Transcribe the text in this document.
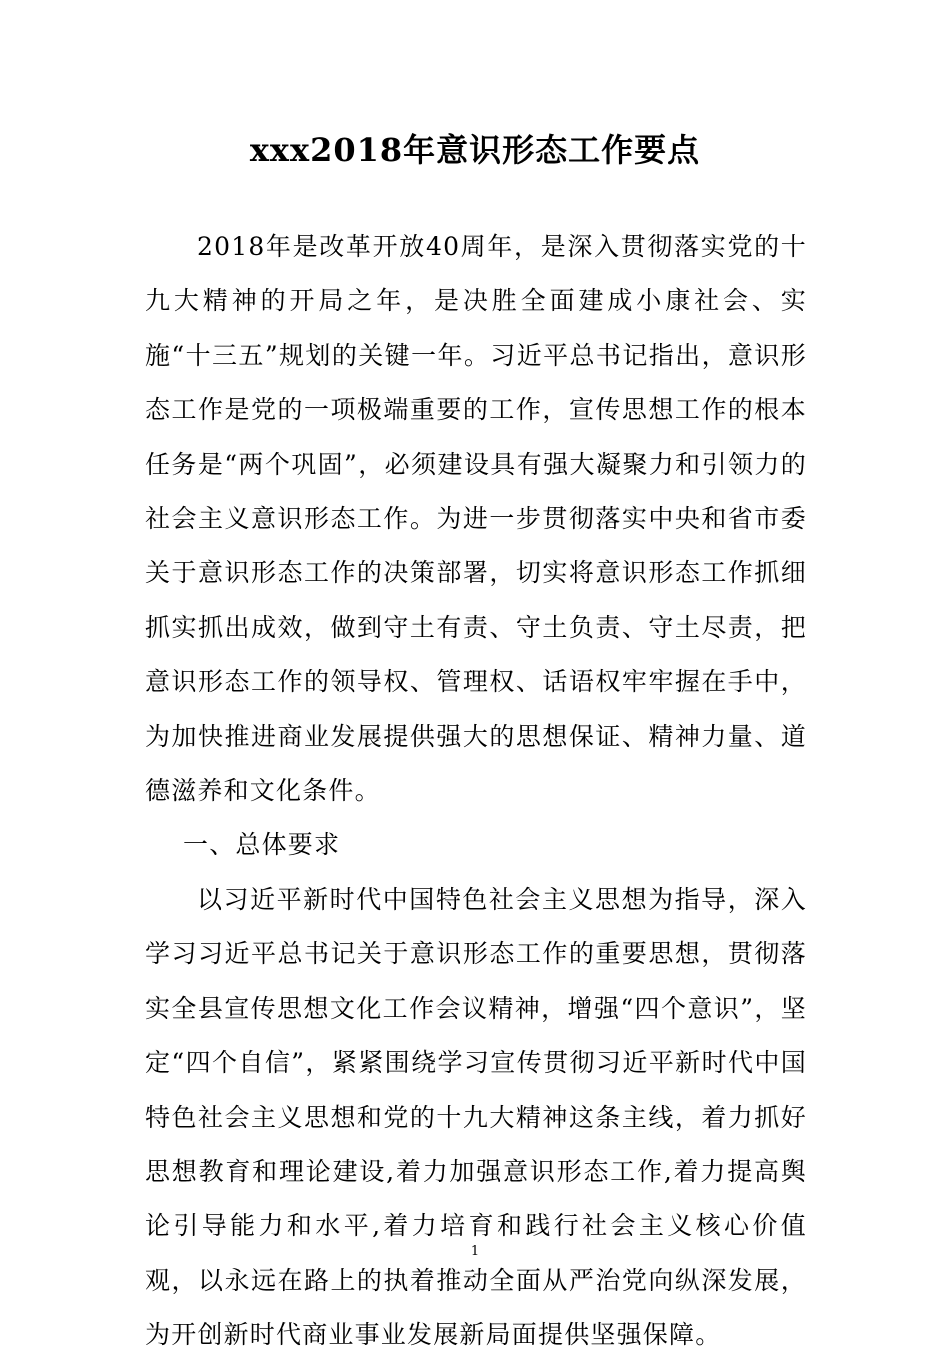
xxx2018年意识形态工作要点

2018年是改革开放40周年，是深入贯彻落实党的十九大精神的开局之年，是决胜全面建成小康社会、实施“十三五”规划的关键一年。习近平总书记指出，意识形态工作是党的一项极端重要的工作，宣传思想工作的根本任务是“两个巩固”，必须建设具有强大凝聚力和引领力的社会主义意识形态工作。为进一步贯彻落实中央和省市委关于意识形态工作的决策部署，切实将意识形态工作抓细抓实抓出成效，做到守土有责、守土负责、守土尽责，把意识形态工作的领导权、管理权、话语权牢牢握在手中，为加快推进商业发展提供强大的思想保证、精神力量、道德滋养和文化条件。

一、总体要求

以习近平新时代中国特色社会主义思想为指导，深入学习习近平总书记关于意识形态工作的重要思想，贯彻落实全县宣传思想文化工作会议精神，增强“四个意识”，坚定“四个自信”，紧紧围绕学习宣传贯彻习近平新时代中国特色社会主义思想和党的十九大精神这条主线，着力抓好思想教育和理论建设,着力加强意识形态工作,着力提高舆论引导能力和水平,着力培育和践行社会主义核心价值观，以永远在路上的执着推动全面从严治党向纵深发展，为开创新时代商业事业发展新局面提供坚强保障。

1
